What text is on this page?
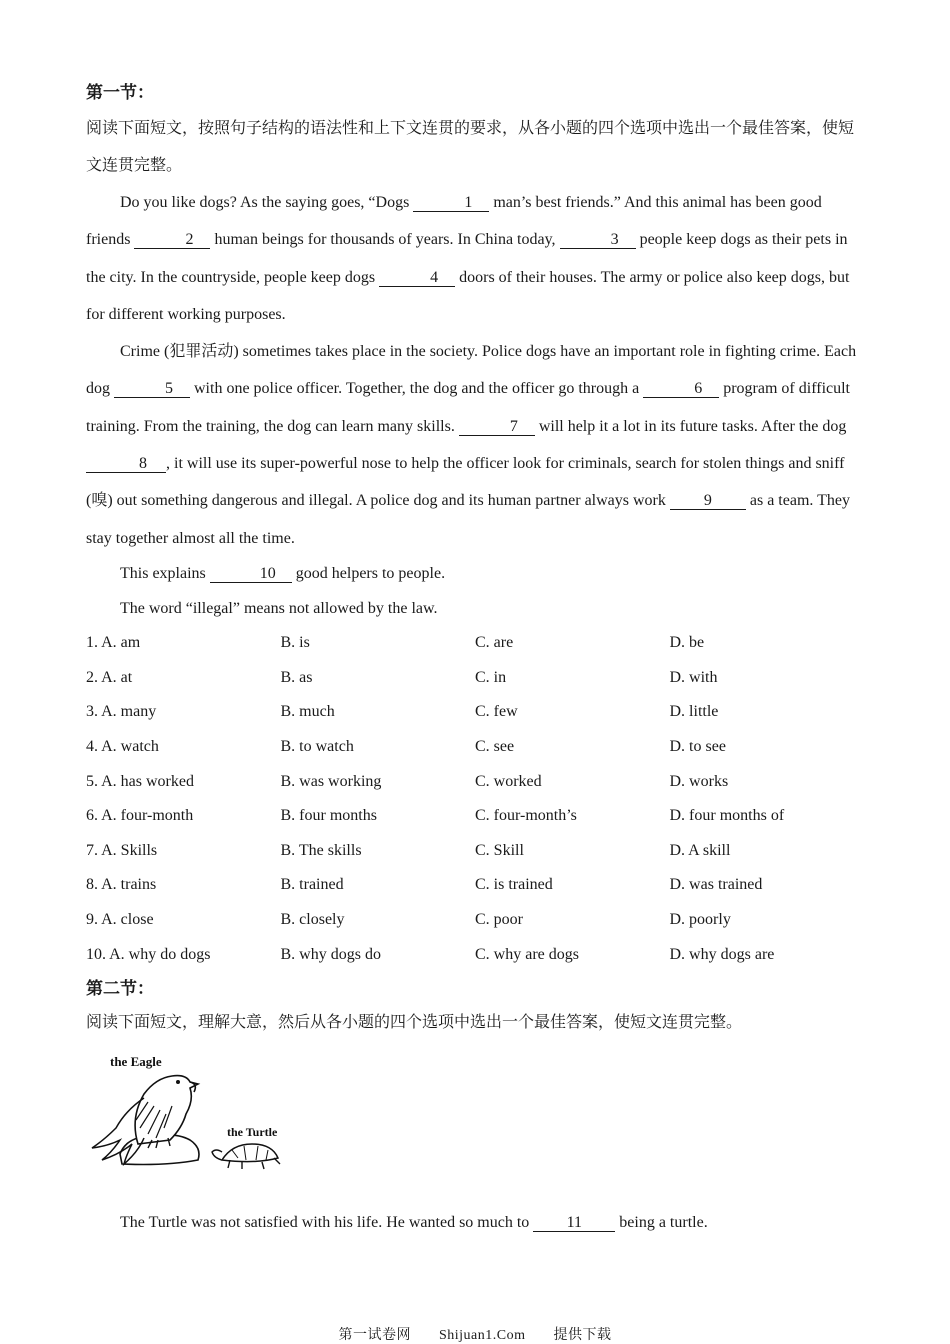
第一节：
阅读下面短文，按照句子结构的语法性和上下文连贯的要求，从各小题的四个选项中选出一个最佳答案，使短文连贯完整。

Do you like dogs? As the saying goes, “Dogs	1 man’s best friends.” And this animal has been good friends	2 human beings for thousands of years. In China today,	3 people keep dogs as their pets in the city. In the countryside, people keep dogs	4 doors of their houses. The army or police also keep dogs, but for different working purposes.

Crime (犯罪活动) sometimes takes place in the society. Police dogs have an important role in fighting crime. Each dog	5 with one police officer. Together, the dog and the officer go through a	6 program of difficult training. From the training, the dog can learn many skills.	7 will help it a lot in its future tasks. After the dog 8 , it will use its super-powerful nose to help the officer look for criminals, search for stolen things and sniff (嗅) out something dangerous and illegal. A police dog and its human partner always work 9 as a team. They stay together almost all the time.

This explains	10 good helpers to people.

The word “illegal” means not allowed by the law.
1. A. am	B. is	C. are	D. be
2. A. at	B. as	C. in	D. with
3. A. many	B. much	C. few	D. little
4. A. watch	B. to watch	C. see	D. to see
5. A. has worked	B. was working	C. worked	D. works
6. A. four-month	B. four months	C. four-month’s	D. four months of
7. A. Skills	B. The skills	C. Skill	D. A skill
8. A. trains	B. trained	C. is trained	D. was trained
9. A. close	B. closely	C. poor	D. poorly
10. A. why do dogs	B. why dogs do	C. why are dogs	D. why dogs are
第二节：
阅读下面短文，理解大意，然后从各小题的四个选项中选出一个最佳答案，使短文连贯完整。
the Eagle
the Turtle
The Turtle was not satisfied with his life. He wanted so much to 11 being a turtle.
第一试卷网 Shijuan1.Com 提供下载
